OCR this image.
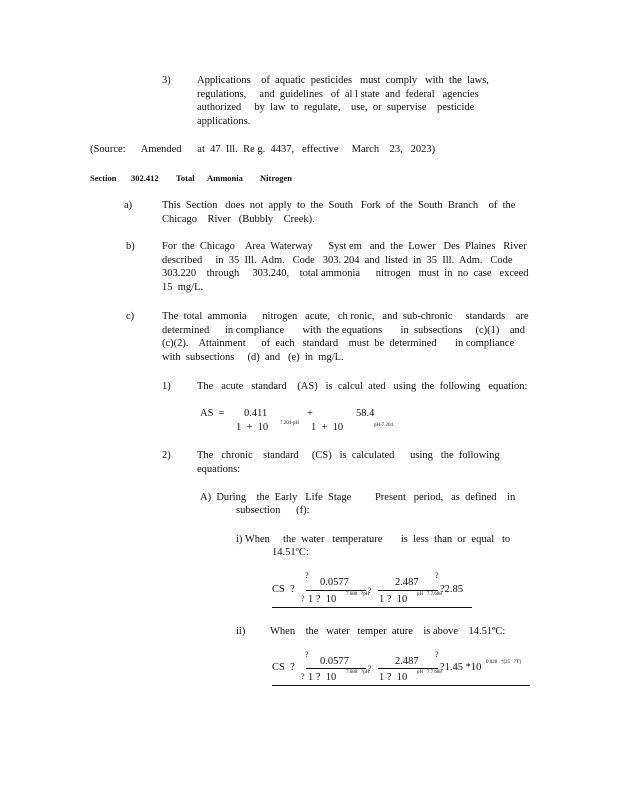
3)	Applications    of  aquatic  pesticides   must  comply   with  the  laws,
regulations,     and  guidelines   of  al l state  and  federal   agencies
authorized     by  law  to  regulate,    use,  or  supervise    pesticide
applications.
(Source:      Amended      at  47  Ill.  Re g.  4437,   effective     March    23,   2023)
Section 302.412 Total Ammonia Nitrogen
a)	This  Section   does  not  apply  to  the  South   Fork  of  the  South  Branch    of  the
Chicago    River   (Bubbly    Creek).
b)	For  the  Chicago    Area  Waterway      Syst em   and  the  Lower   Des  Plaines   River
described     in  35  Ill.  Adm.   Code   303. 204  and  listed  in  35  Ill.  Adm.   Code
303.220    through     303.240,    total ammonia      nitrogen   must  in  no  case   exceed
15  mg/L.
c)	The  total  ammonia      nitrogen   acute,   ch ronic,   and  sub-chronic     standards    are
determined      in compliance       with  the equations       in  subsections     (c)(1)    and
(c)(2).    Attainment      of  each   standard    must  be  determined       in compliance
with  subsections     (d)  and   (e)  in  mg/L.
1)	The   acute   standard    (AS)   is  calcul  ated   using  the  following   equation:
AS  = 0.411	+	58.4
1  +  10 7.204-pH 1  +  10	pH-7.204
2)	The   chronic    standard     (CS)   is  calculated      using   the  following
equations:
A)  During    the  Early   Life  Stage         Present   period,   as  defined    in
subsection      (f):
i) When     the  water   temperature       is  less  than  or  equal   to
14.51ºC:
?	?
0.0577	2.487
CS  ?	?	?2.85
? 1 ?  10 7.688   ?pH 1 ?  10 pH   7.7.688
ii) When    the   water   temper  ature    is above    14.51ºC:
?	?
0.0577	2.487
CS  ?	?	?1.45 *10 0.028   *(25   ?T)
? 1 ?  10 7.688   ?pH 1 ?  10 pH   7.7.688
